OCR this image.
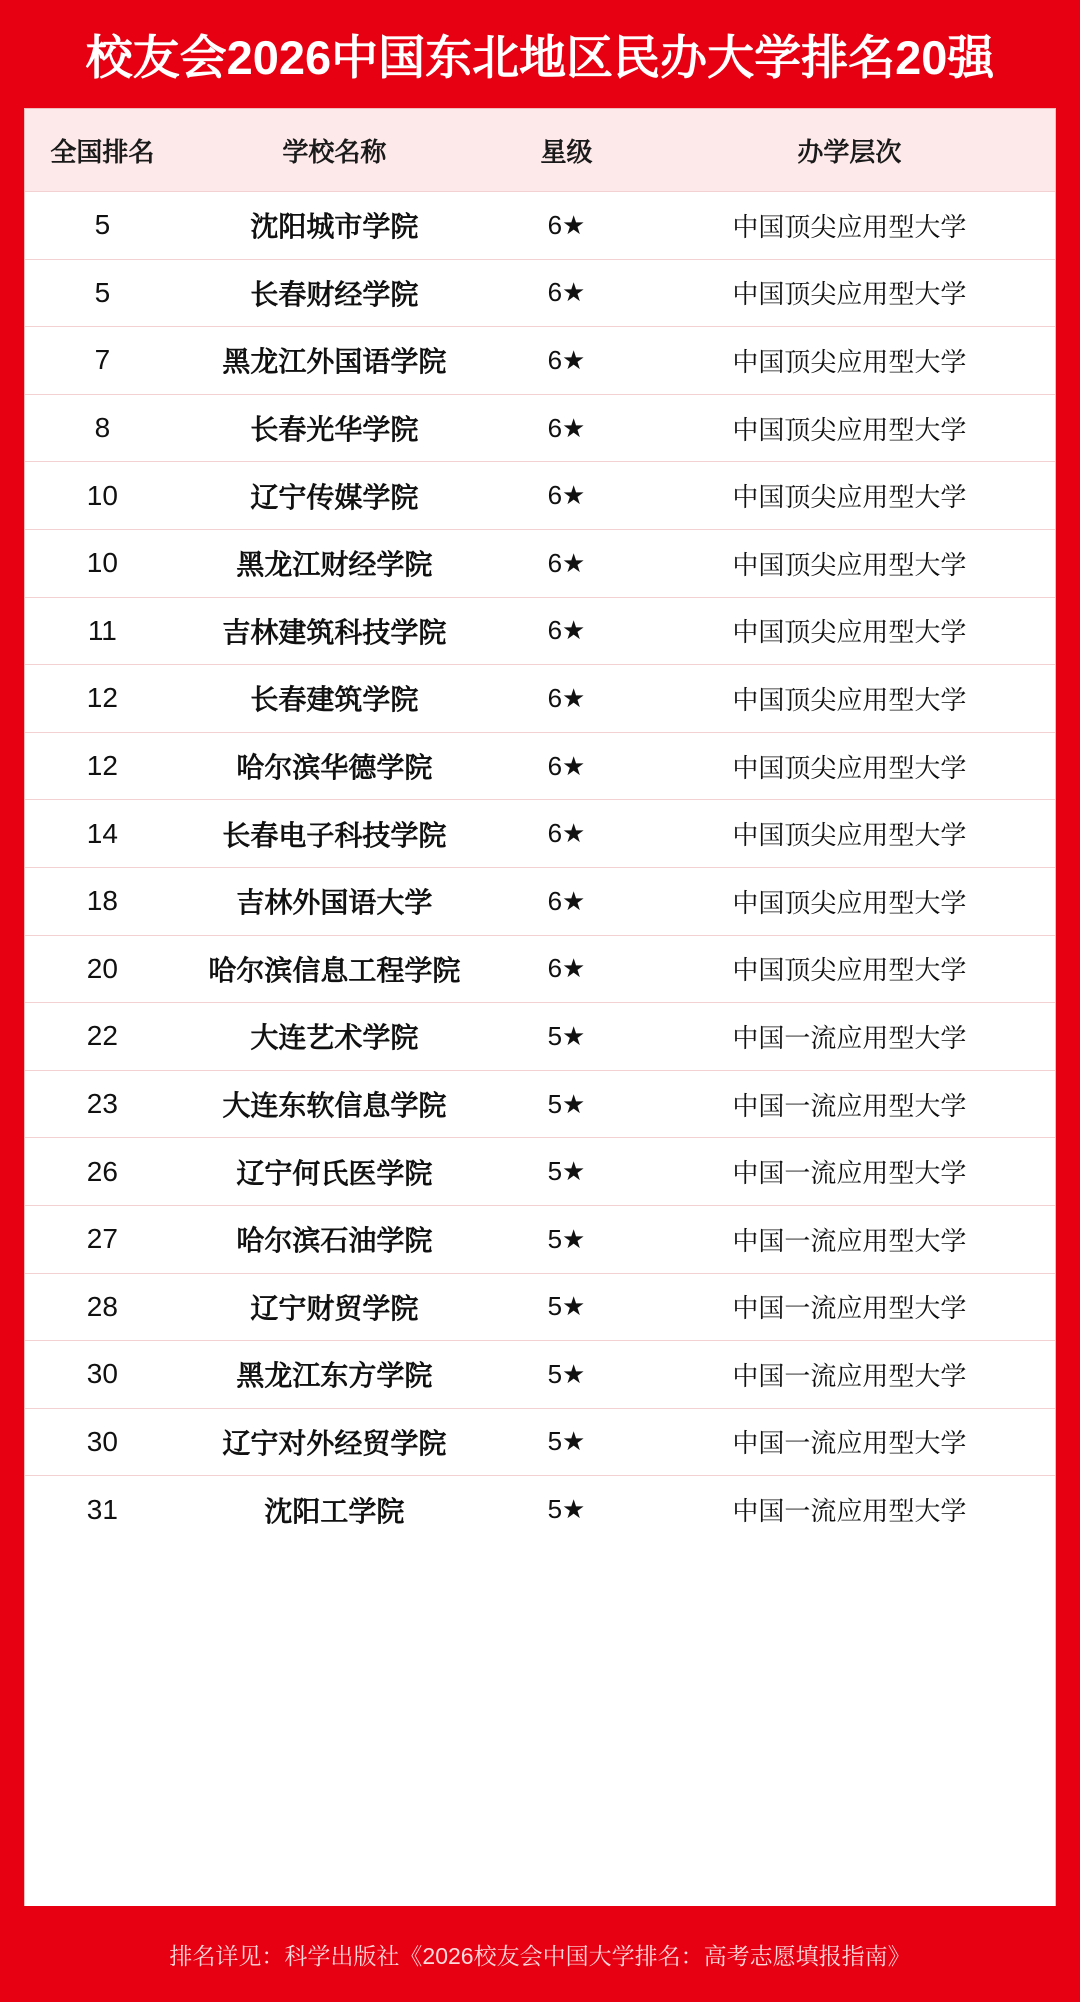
校友会2026中国东北地区民办大学排名20强
全国排名	学校名称	星级	办学层次
5	沈阳城市学院	6★	中国顶尖应用型大学
5	长春财经学院	6★	中国顶尖应用型大学
7	黑龙江外国语学院	6★	中国顶尖应用型大学
8	长春光华学院	6★	中国顶尖应用型大学
10	辽宁传媒学院	6★	中国顶尖应用型大学
10	黑龙江财经学院	6★	中国顶尖应用型大学
11	吉林建筑科技学院	6★	中国顶尖应用型大学
12	长春建筑学院	6★	中国顶尖应用型大学
12	哈尔滨华德学院	6★	中国顶尖应用型大学
14	长春电子科技学院	6★	中国顶尖应用型大学
18	吉林外国语大学	6★	中国顶尖应用型大学
20	哈尔滨信息工程学院	6★	中国顶尖应用型大学
22	大连艺术学院	5★	中国一流应用型大学
23	大连东软信息学院	5★	中国一流应用型大学
26	辽宁何氏医学院	5★	中国一流应用型大学
27	哈尔滨石油学院	5★	中国一流应用型大学
28	辽宁财贸学院	5★	中国一流应用型大学
30	黑龙江东方学院	5★	中国一流应用型大学
30	辽宁对外经贸学院	5★	中国一流应用型大学
31	沈阳工学院	5★	中国一流应用型大学
排名详见：科学出版社《2026校友会中国大学排名：高考志愿填报指南》
